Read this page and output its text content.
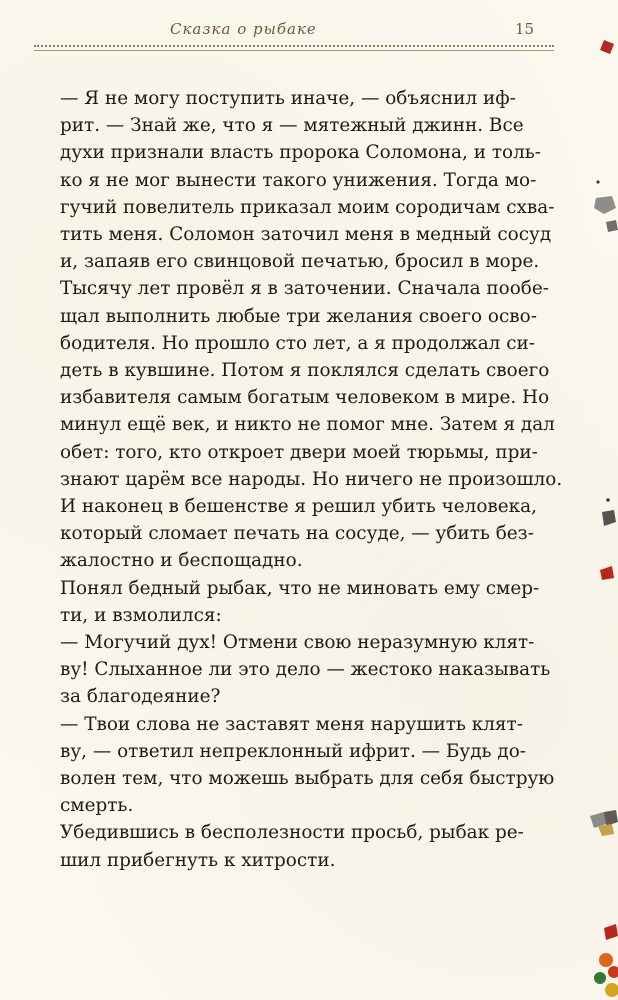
Сказка о рыбаке	15
— Я не могу поступить иначе, — объяснил иф-
рит. — Знай же, что я — мятежный джинн. Все
духи признали власть пророка Соломона, и толь-
ко я не мог вынести такого унижения. Тогда мо-
гучий повелитель приказал моим сородичам схва-
тить меня. Соломон заточил меня в медный сосуд
и, запаяв его свинцовой печатью, бросил в море.
Тысячу лет провёл я в заточении. Сначала пообе-
щал выполнить любые три желания своего осво-
бодителя. Но прошло сто лет, а я продолжал си-
деть в кувшине. Потом я поклялся сделать своего
избавителя самым богатым человеком в мире. Но
минул ещё век, и никто не помог мне. Затем я дал
обет: того, кто откроет двери моей тюрьмы, при-
знают царём все народы. Но ничего не произошло.
И наконец в бешенстве я решил убить человека,
который сломает печать на сосуде, — убить без-
жалостно и беспощадно.
Понял бедный рыбак, что не миновать ему смер-
ти, и взмолился:
— Могучий дух! Отмени свою неразумную клят-
ву! Слыханное ли это дело — жестоко наказывать
за благодеяние?
— Твои слова не заставят меня нарушить клят-
ву, — ответил непреклонный ифрит. — Будь до-
волен тем, что можешь выбрать для себя быструю
смерть.
Убедившись в бесполезности просьб, рыбак ре-
шил прибегнуть к хитрости.
